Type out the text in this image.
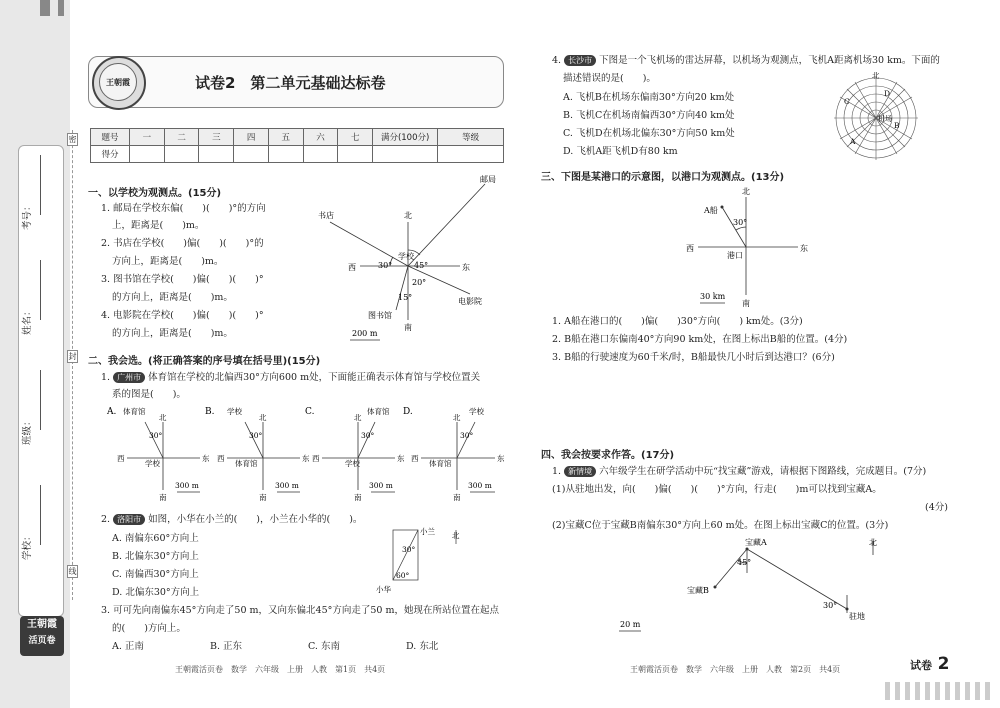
考号：
姓名：
班级：
学校：
密
封
线
王朝霞
活页卷
王朝霞	试卷2　第二单元基础达标卷
题号	一	二	三	四	五	六	七	满分(100分)	等级
得分									
一、以学校为观测点。(15分)
1. 邮局在学校东偏(　　)(　　)°的方向
上，距离是(　　)m。
2. 书店在学校(　　)偏(　　)(　　)°的
方向上，距离是(　　)m。
3. 图书馆在学校(　　)偏(　　)(　　)°
的方向上，距离是(　　)m。
4. 电影院在学校(　　)偏(　　)(　　)°
的方向上，距离是(　　)m。
北
南
东
西
学校
邮局
书店
图书馆
电影院
30°	45°
20°
15°
200 m
二、我会选。(将正确答案的序号填在括号里)(15分)
1. 广州市 体育馆在学校的北偏西30°方向600 m处，下面能正确表示体育馆与学校位置关
系的图是(　　)。
A.	B.	C.	D.
体育馆
学校
学校
体育馆
体育馆
学校
学校
体育馆
北	北	北	北
西	西	西	西
东	东	东	东
南	南	南	南
30°	30°	30°	30°
300 m	300 m	300 m	300 m
2. 洛阳市 如图，小华在小兰的(　　)，小兰在小华的(　　)。
A. 南偏东60°方向上
B. 北偏东30°方向上
C. 南偏西30°方向上
D. 北偏东30°方向上
小兰
小华
北
30°
60°
3. 可可先向南偏东45°方向走了50 m，又向东偏北45°方向走了50 m，她现在所站位置在起点
的(　　)方向上。
A. 正南	B. 正东	C. 东南	D. 东北
王朝霞活页卷　数学　六年级　上册　人教　第1页　共4页
4. 长沙市 下图是一个飞机场的雷达屏幕，以机场为观测点，飞机A距离机场30 km。下面的
描述错误的是(　　)。
A. 飞机B在机场东偏南30°方向20 km处
B. 飞机C在机场南偏西30°方向40 km处
C. 飞机D在机场北偏东30°方向50 km处
D. 飞机A距飞机D有80 km
北
机场
A
B
C
D
三、下图是某港口的示意图，以港口为观测点。(13分)
北
南
西	东
港口
A船
30°
30 km
1. A船在港口的(　　)偏(　　)30°方向(　　) km处。(3分)
2. B船在港口东偏南40°方向90 km处，在图上标出B船的位置。(4分)
3. B船的行驶速度为60千米/时，B船最快几小时后到达港口？(6分)
四、我会按要求作答。(17分)
1. 新情境 六年级学生在研学活动中玩“找宝藏”游戏，请根据下图路线，完成题目。(7分)
(1)从驻地出发，向(　　)偏(　　)(　　)°方向，行走(　　)m可以找到宝藏A。
(4分)
(2)宝藏C位于宝藏B南偏东30°方向上60 m处。在图上标出宝藏C的位置。(3分)
宝藏A
宝藏B
驻地
北
45°
30°
20 m
王朝霞活页卷　数学　六年级　上册　人教　第2页　共4页	试卷 2
